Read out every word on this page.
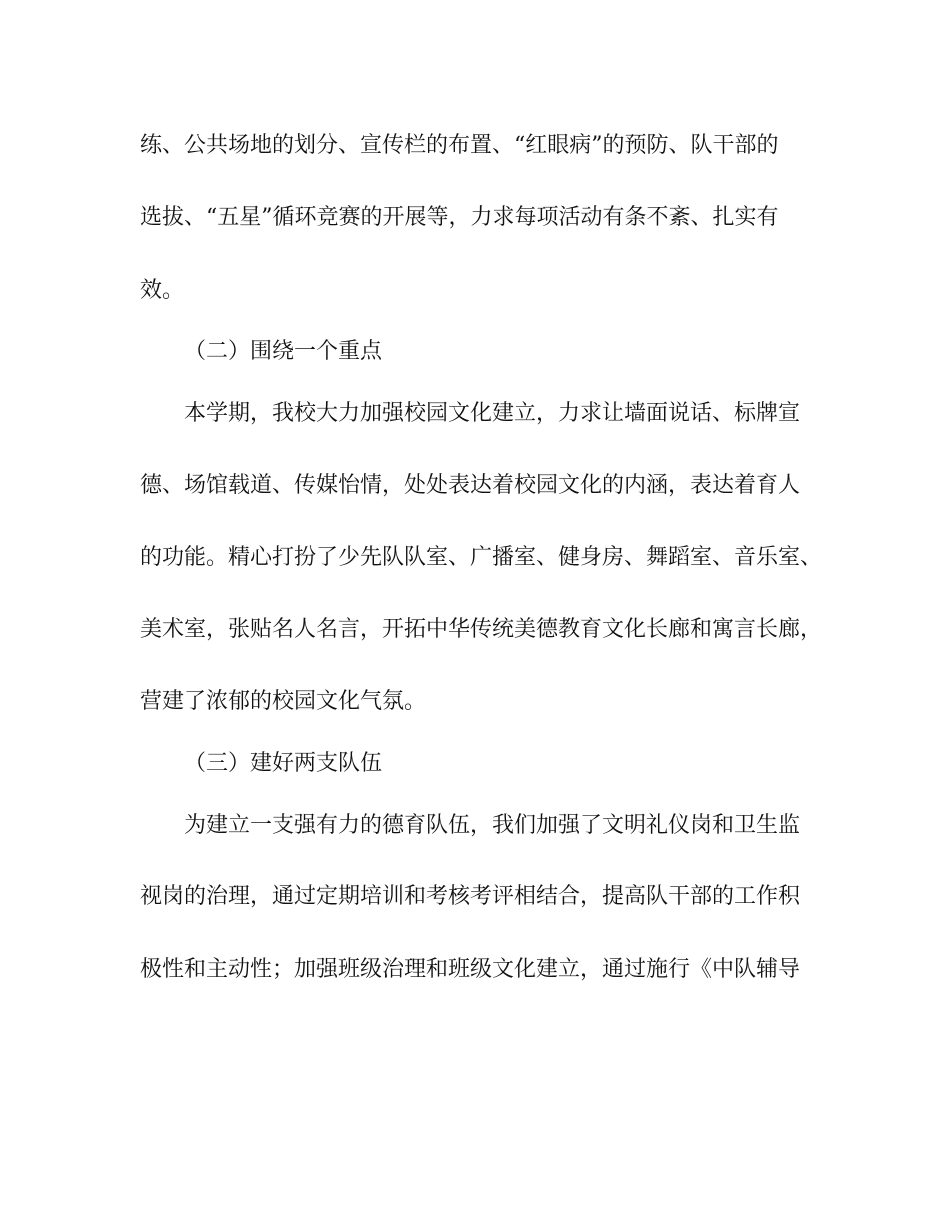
练、公共场地的划分、宣传栏的布置、“红眼病”的预防、队干部的
选拔、“五星”循环竞赛的开展等，力求每项活动有条不紊、扎实有
效。
（二）围绕一个重点
本学期，我校大力加强校园文化建立，力求让墙面说话、标牌宣
德、场馆载道、传媒怡情，处处表达着校园文化的内涵，表达着育人
的功能。精心打扮了少先队队室、广播室、健身房、舞蹈室、音乐室、
美术室，张贴名人名言，开拓中华传统美德教育文化长廊和寓言长廊，
营建了浓郁的校园文化气氛。
（三）建好两支队伍
为建立一支强有力的德育队伍，我们加强了文明礼仪岗和卫生监
视岗的治理，通过定期培训和考核考评相结合，提高队干部的工作积
极性和主动性；加强班级治理和班级文化建立，通过施行《中队辅导
